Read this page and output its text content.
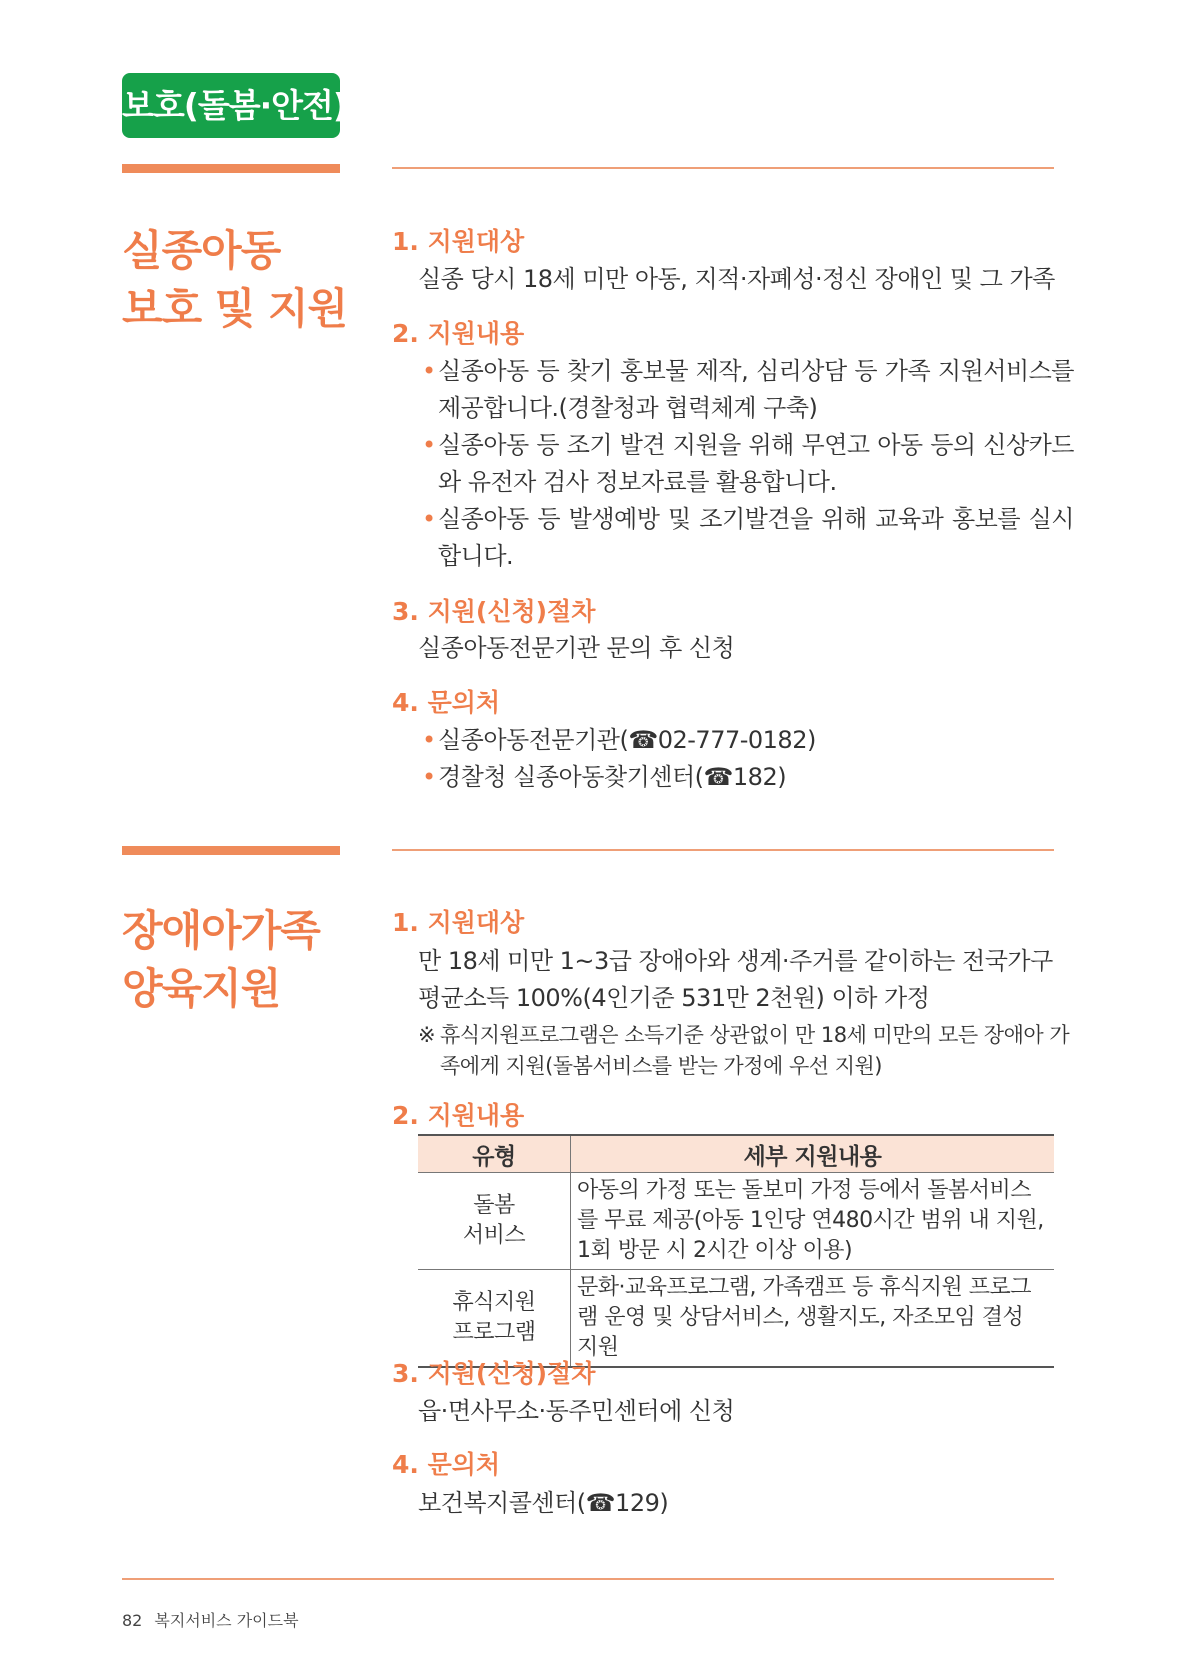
보호(돌봄·안전)
실종아동
보호 및 지원
1. 지원대상
실종 당시 18세 미만 아동, 지적·자폐성·정신 장애인 및 그 가족
2. 지원내용
• 실종아동 등 찾기 홍보물 제작, 심리상담 등 가족 지원서비스를 제공합니다.(경찰청과 협력체계 구축)
• 실종아동 등 조기 발견 지원을 위해 무연고 아동 등의 신상카드와 유전자 검사 정보자료를 활용합니다.
• 실종아동 등 발생예방 및 조기발견을 위해 교육과 홍보를 실시합니다.
3. 지원(신청)절차
실종아동전문기관 문의 후 신청
4. 문의처
• 실종아동전문기관(☎02-777-0182)
• 경찰청 실종아동찾기센터(☎182)
장애아가족
양육지원
1. 지원대상
만 18세 미만 1~3급 장애아와 생계·주거를 같이하는 전국가구
평균소득 100%(4인기준 531만 2천원) 이하 가정
※ 휴식지원프로그램은 소득기준 상관없이 만 18세 미만의 모든 장애아 가족에게 지원(돌봄서비스를 받는 가정에 우선 지원)
2. 지원내용
유형	세부 지원내용
돌봄
서비스	아동의 가정 또는 돌보미 가정 등에서 돌봄서비스를 무료 제공(아동 1인당 연480시간 범위 내 지원, 1회 방문 시 2시간 이상 이용)
휴식지원
프로그램	문화·교육프로그램, 가족캠프 등 휴식지원 프로그램 운영 및 상담서비스, 생활지도, 자조모임 결성 지원
3. 지원(신청)절차
읍·면사무소·동주민센터에 신청
4. 문의처
보건복지콜센터(☎129)
82 복지서비스 가이드북
